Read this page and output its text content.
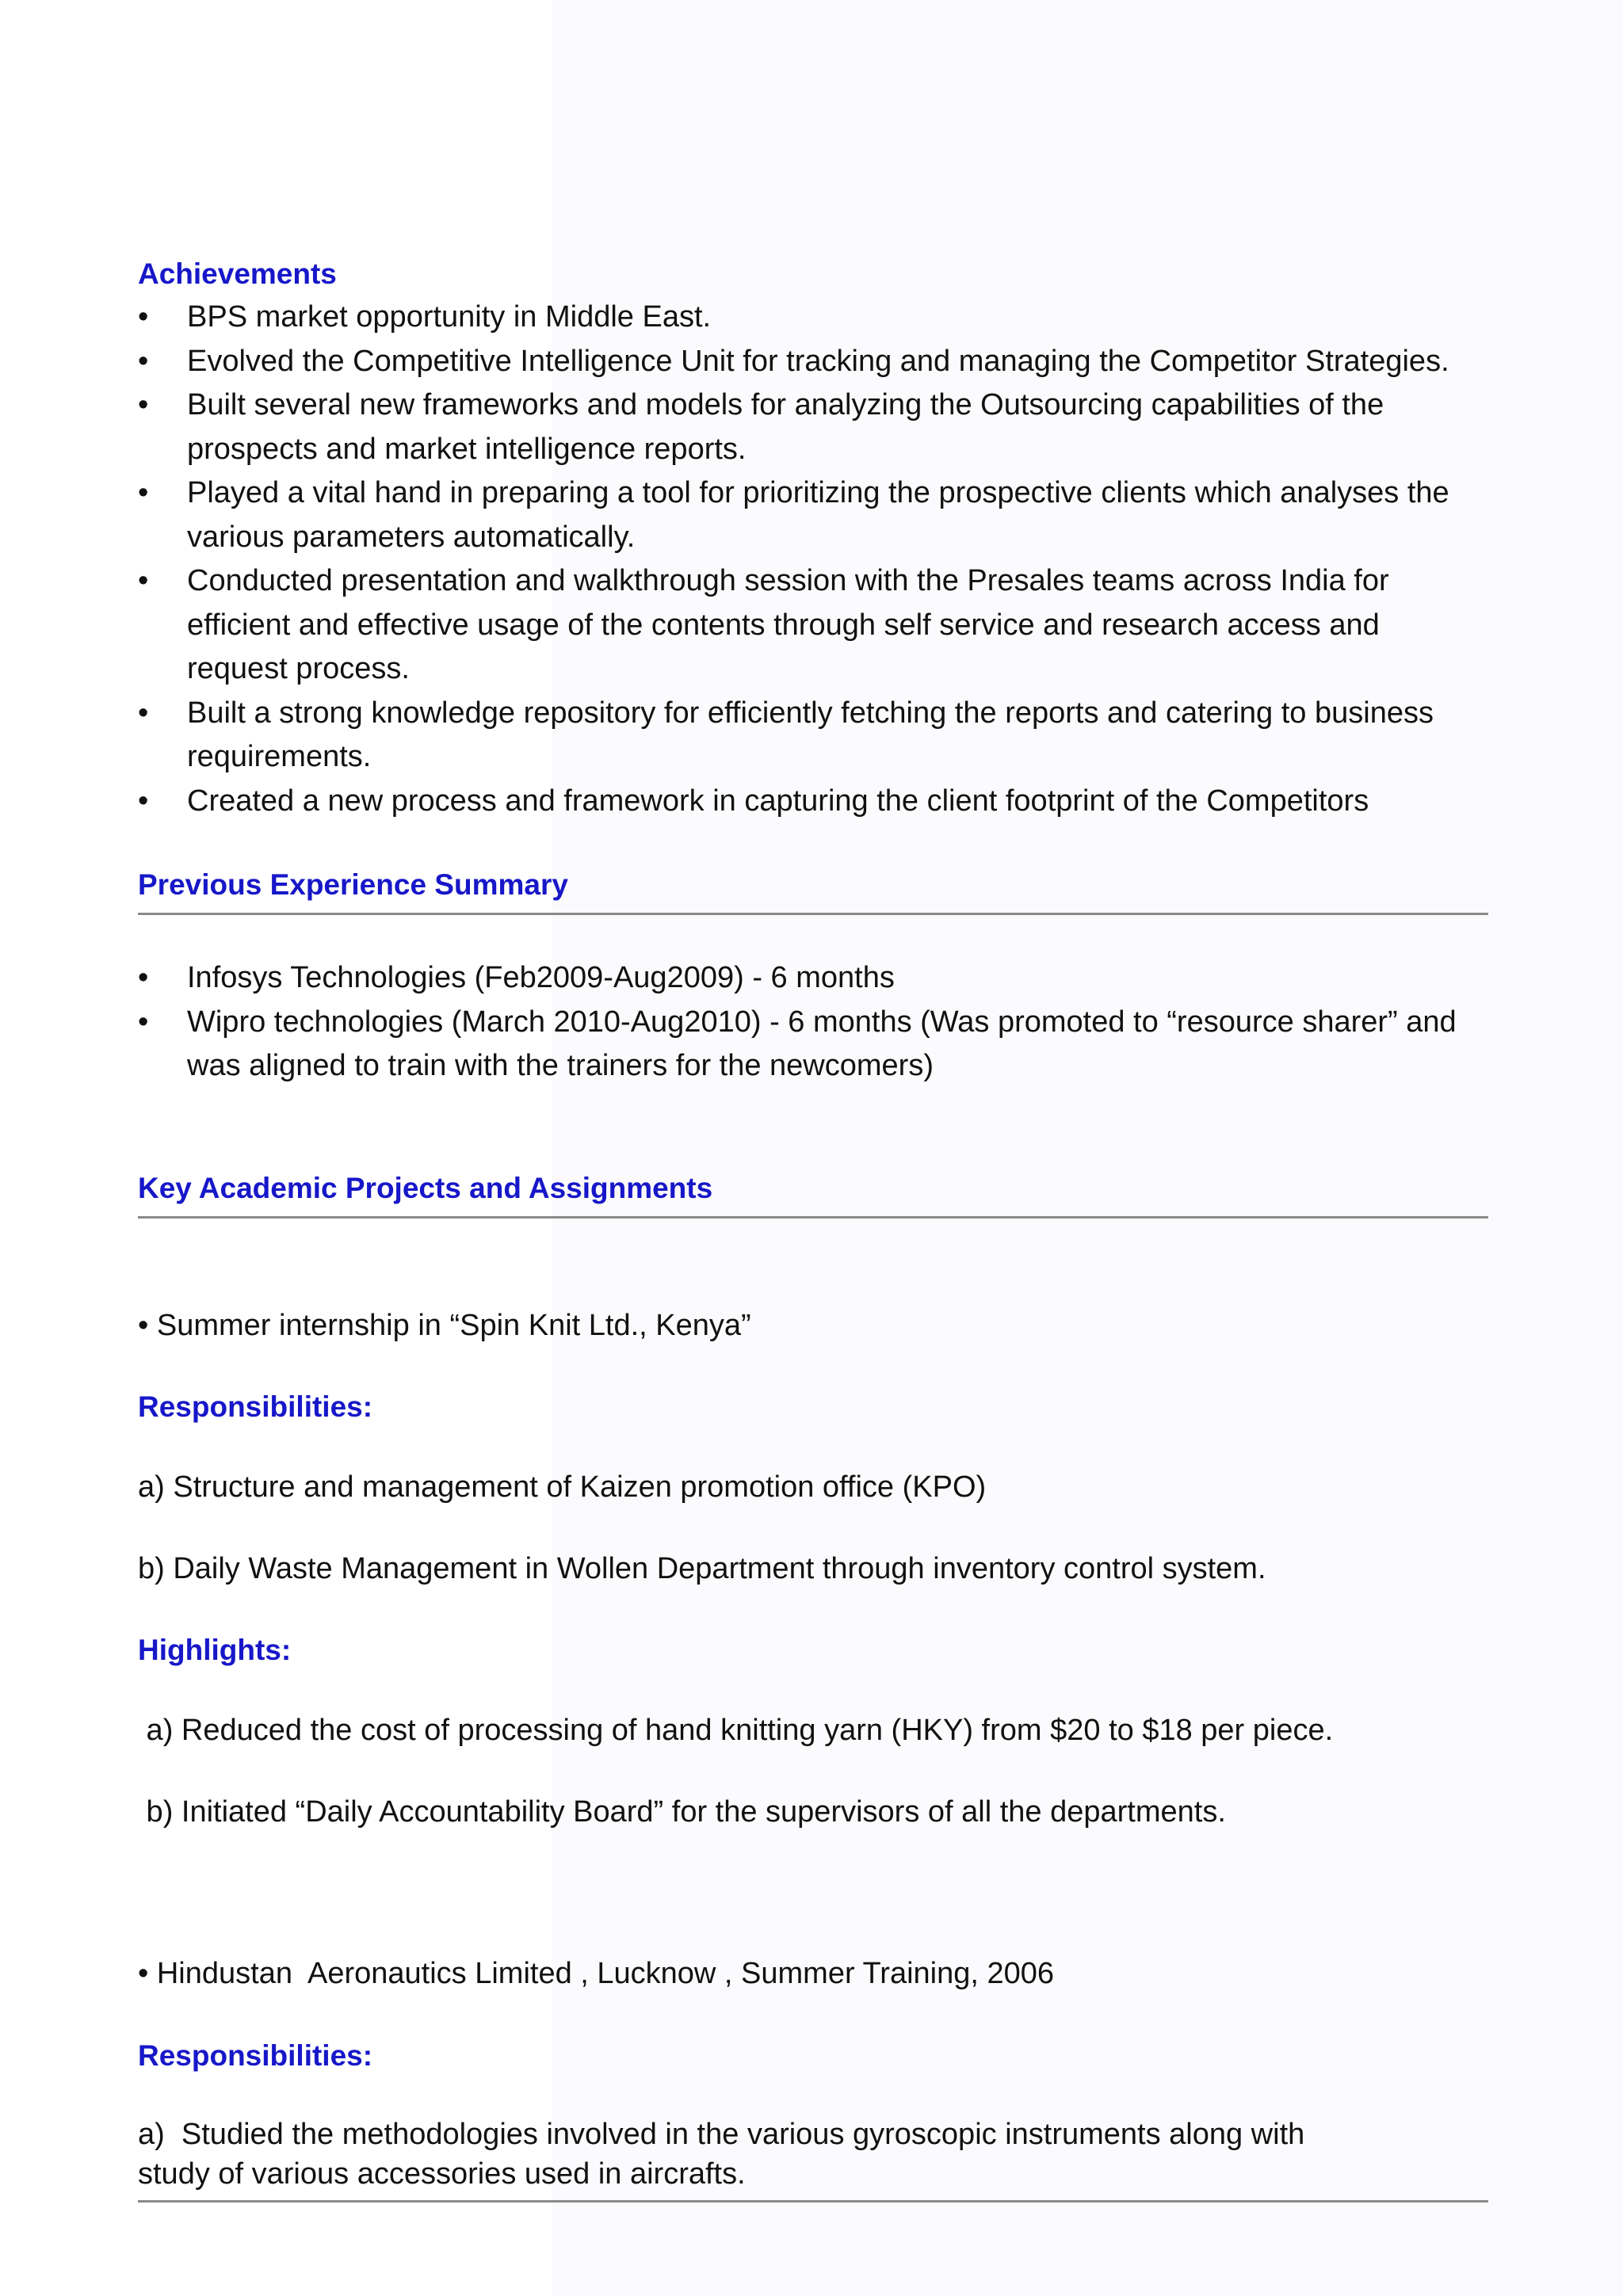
Achievements
•	BPS market opportunity in Middle East.
•	Evolved the Competitive Intelligence Unit for tracking and managing the Competitor Strategies.
•	Built several new frameworks and models for analyzing the Outsourcing capabilities of the prospects and market intelligence reports.
•	Played a vital hand in preparing a tool for prioritizing the prospective clients which analyses the various parameters automatically.
•	Conducted presentation and walkthrough session with the Presales teams across India for efficient and effective usage of the contents through self service and research access and request process.
•	Built a strong knowledge repository for efficiently fetching the reports and catering to business requirements.
•	Created a new process and framework in capturing the client footprint of the Competitors
Previous Experience Summary
•	Infosys Technologies (Feb2009-Aug2009) - 6 months
•	Wipro technologies (March 2010-Aug2010) - 6 months (Was promoted to “resource sharer” and was aligned to train with the trainers for the newcomers)
Key Academic Projects and Assignments

• Summer internship in “Spin Knit Ltd., Kenya”

Responsibilities:

a) Structure and management of Kaizen promotion office (KPO)

b) Daily Waste Management in Wollen Department through inventory control system.

Highlights:

a) Reduced the cost of processing of hand knitting yarn (HKY) from $20 to $18 per piece.

b) Initiated “Daily Accountability Board” for the supervisors of all the departments.

• Hindustan  Aeronautics Limited , Lucknow , Summer Training, 2006

Responsibilities:

a)  Studied the methodologies involved in the various gyroscopic instruments along with

study of various accessories used in aircrafts.
